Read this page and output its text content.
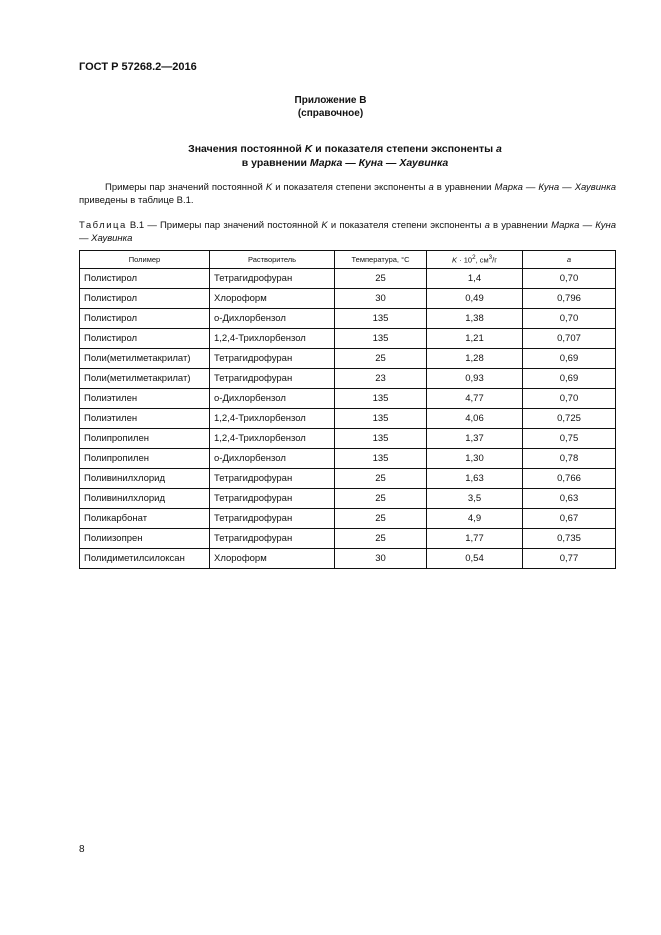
ГОСТ Р 57268.2—2016
Приложение В
(справочное)
Значения постоянной K и показателя степени экспоненты a
в уравнении Марка — Куна — Хаувинка

Примеры пар значений постоянной K и показателя степени экспоненты a в уравнении Марка — Куна — Хаувинка приведены в таблице В.1.

Таблица В.1 — Примеры пар значений постоянной K и показателя степени экспоненты a в уравнении Марка — Куна — Хаувинка

Полимер	Растворитель	Температура, °C	$K \cdot 10^2$, $см^3/г$	a
Полистирол	Тетрагидрофуран	25	1,4	0,70
Полистирол	Хлороформ	30	0,49	0,796
Полистирол	о-Дихлорбензол	135	1,38	0,70
Полистирол	1,2,4-Трихлорбензол	135	1,21	0,707
Поли(метилметакрилат)	Тетрагидрофуран	25	1,28	0,69
Поли(метилметакрилат)	Тетрагидрофуран	23	0,93	0,69
Полиэтилен	о-Дихлорбензол	135	4,77	0,70
Полиэтилен	1,2,4-Трихлорбензол	135	4,06	0,725
Полипропилен	1,2,4-Трихлорбензол	135	1,37	0,75
Полипропилен	о-Дихлорбензол	135	1,30	0,78
Поливинилхлорид	Тетрагидрофуран	25	1,63	0,766
Поливинилхлорид	Тетрагидрофуран	25	3,5	0,63
Поликарбонат	Тетрагидрофуран	25	4,9	0,67
Полиизопрен	Тетрагидрофуран	25	1,77	0,735
Полидиметилсилоксан	Хлороформ	30	0,54	0,77
8
